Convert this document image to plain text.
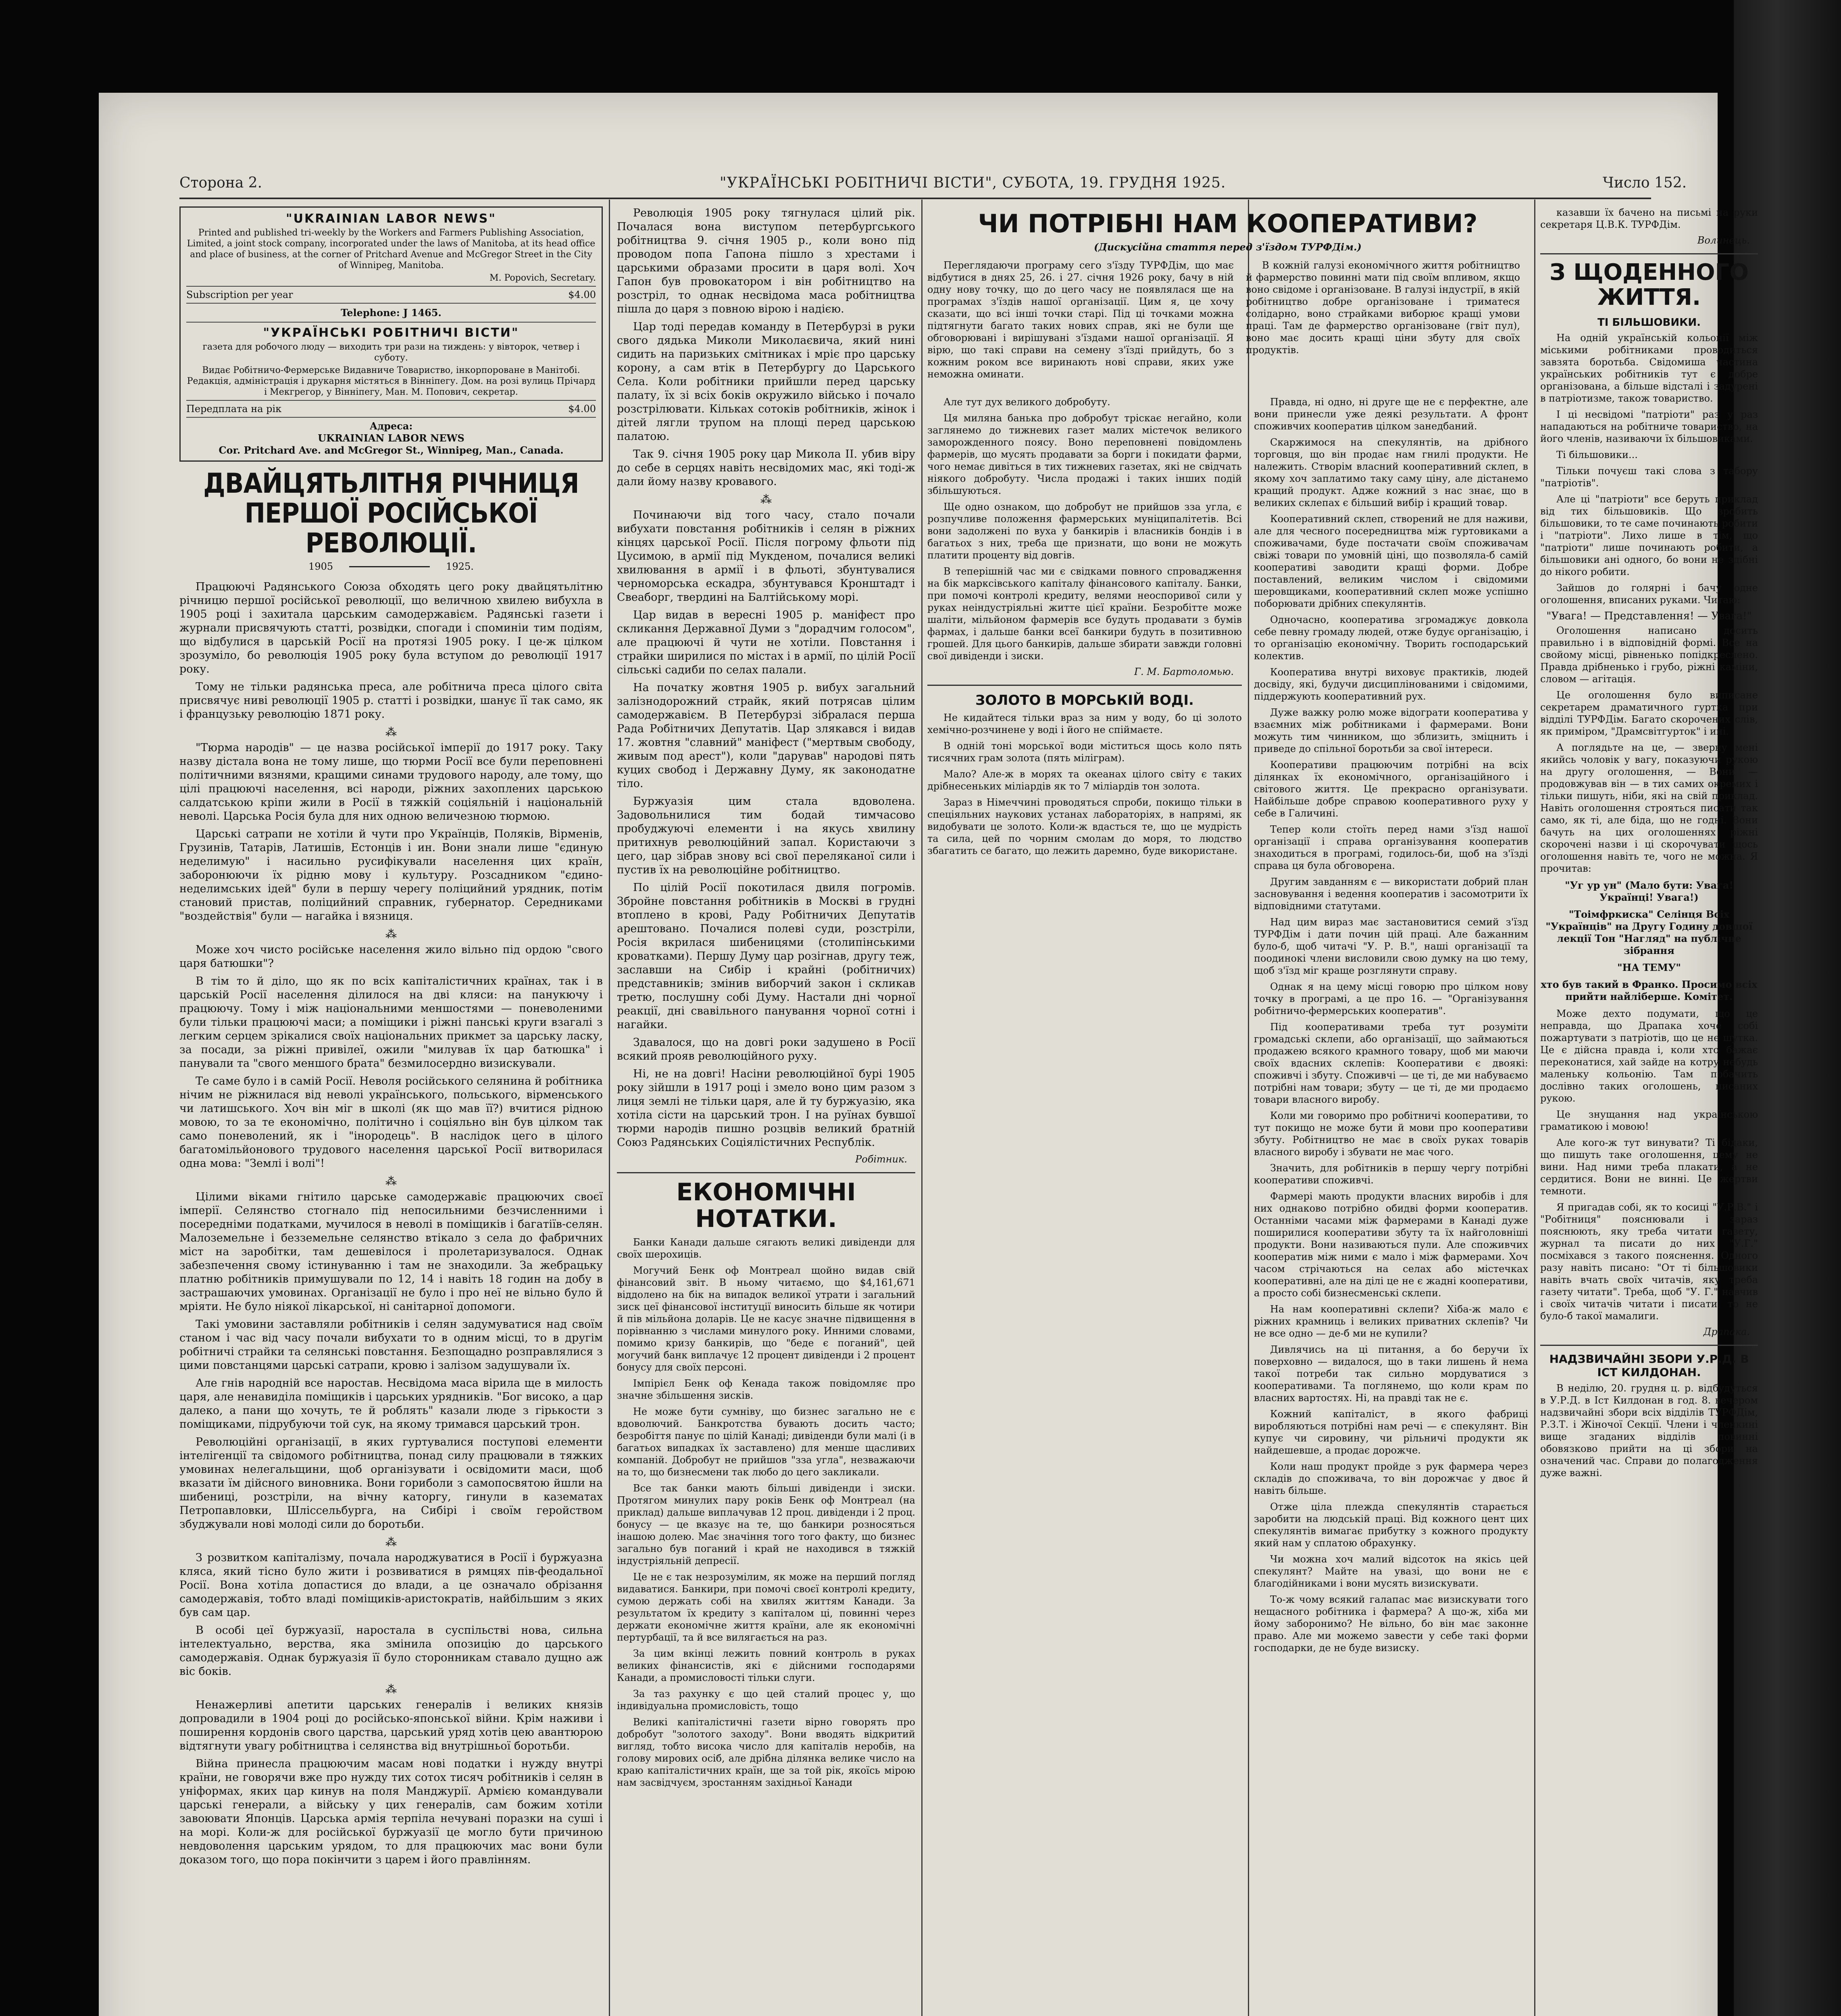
Сторона 2.	"УКРАЇНСЬКІ РОБІТНИЧІ ВІСТИ", СУБОТА, 19. ГРУДНЯ 1925.	Число 152.
"UKRAINIAN LABOR NEWS"
Printed and published tri-weekly by the Workers and Farmers Publishing Association, Limited, a joint stock company, incorporated under the laws of Manitoba, at its head office and place of business, at the corner of Pritchard Avenue and McGregor Street in the City of Winnipeg, Manitoba.
M. Popovich, Secretary.
Subscription per year	$4.00
Telephone: J 1465.
"УКРАЇНСЬКІ РОБІТНИЧІ ВІСТИ"
газета для робочого люду — виходить три рази на тиждень: у вівторок, четвер і суботу.
Видає Робітничо-Фермерське Видавниче Товариство, інкорпороване в Манітобі. Редакція, адміністрація і друкарня містяться в Вінніпегу. Дом. на розі вулиць Прічард і Мекгрегор, у Вінніпегу, Ман. М. Попович, секретар.
Передплата на рік	$4.00
Адреса:
UKRAINIAN LABOR NEWS
Cor. Pritchard Ave. and McGregor St., Winnipeg, Man., Canada.
ДВАЙЦЯТЬЛІТНЯ РІЧНИЦЯ ПЕРШОЇ РОСІЙСЬКОЇ РЕВОЛЮЦІЇ.
1905	1925.

Працюючі Радянського Союза обходять цего року двайцятьлітню річницю першої російської революції, що величною хвилею вибухла в 1905 році і захитала царським самодержавієм. Радянські газети і журнали присвячують статті, розвідки, спогади і споминіи тим подіям, що відбулися в царській Росії на протязі 1905 року. І це-ж цілком зрозуміло, бо революція 1905 року була вступом до революції 1917 року.

Тому не тільки радянська преса, але робітнича преса цілого світа присвячує ниві революції 1905 р. статті і розвідки, шанує її так само, як і французьку революцію 1871 року.

⁂

"Тюрма народів" — це назва російської імперії до 1917 року. Таку назву дістала вона не тому лише, що тюрми Росії все були переповнені політичними вязнями, кращими синами трудового народу, але тому, що цілі працюючі населення, всі народи, ріжних захоплених царською салдатською кріпи жили в Росії в тяжкій соціяльній і національній неволі. Царська Росія була для них одною величезною тюрмою.

Царські сатрапи не хотіли й чути про Українців, Поляків, Вірменів, Грузинів, Татарів, Латишів, Естонців і ин. Вони знали лише "єдиную неделимую" і насильно русифікували населення цих країн, заборонюючи їх рідню мову і культуру. Розсадником "єдино-неделимських ідей" були в першу черегу поліцийний урядник, потім становий пристав, поліцийний справник, губернатор. Середниками "воздействія" були — нагайка і вязниця.

⁂

Може хоч чисто російське населення жило вільно під ордою "свого царя батюшки"?

В тім то й діло, що як по всіх капіталістичних країнах, так і в царській Росії населення ділилося на дві кляси: на панукючу і працюючу. Тому і між національними меншостями — поневоленими були тільки працюючі маси; а поміщики і ріжні панські круги взагалі з легким серцем зрікалися своїх національних прикмет за царську ласку, за посади, за ріжні привілеї, ожили "милував їх цар батюшка" і панували та "свого меншого брата" безмилосердно визискували.

Те саме було і в самій Росії. Неволя російського селянина й робітника нічим не ріжнилася від неволі українського, польського, вірменського чи латишського. Хоч він міг в школі (як що мав її?) вчитися рідною мовою, то за те економічно, політично і соціяльно він був цілком так само поневолений, як і "інородець". В наслідок цего в цілого багатомільйонового трудового населення царської Росії витворилася одна мова: "Землі і волі"!

⁂

Цілими віками гнітило царське самодержавіє працюючих своєї імперії. Селянство стогнало під непосильними безчисленними і посередніми податками, мучилося в неволі в поміщиків і багатіїв-селян. Малоземельне і безземельне селянство втікало з села до фабричних міст на заробітки, там дешевілося і пролетаризувалося. Однак забезпечення свому істинуванню і там не знаходили. За жебрацьку платню робітників примушували по 12, 14 і навіть 18 годин на добу в застрашаючих умовинах. Організації не було і про неї не вільно було й мріяти. Не було ніякої лікарської, ні санітарної допомоги.

Такі умовини заставляли робітників і селян задумуватися над своїм станом і час від часу почали вибухати то в одним місці, то в другім робітничі страйки та селянські повстання. Безпощадно розправлялися з цими повстанцями царські сатрапи, кровю і залізом задушували їх.

Але гнів народній все наростав. Несвідома маса вірила ще в милость царя, але ненавиділа поміщиків і царських урядників. "Бог високо, а цар далеко, а пани що хочуть, те й роблять" казали люде з гірькости з поміщиками, підрубуючи той сук, на якому тримався царський трон.

Революційні організації, в яких гуртувалися поступові елементи інтелігенції та свідомого робітництва, понад силу працювали в тяжких умовинах нелегальщини, щоб організувати і освідомити маси, щоб вказати їм дійсного виновника. Вони гориболи з самопосвятою йшли на шибениці, розстріли, на вічну каторгу, гинули в казематах Петропавловки, Шліссельбурга, на Сибірі і своїм геройством збуджували нові молоді сили до боротьби.

⁂

З розвитком капіталізму, почала народжуватися в Росії і буржуазна кляса, який тісно було жити і розвиватися в рямцях пів-феодальної Росії. Вона хотіла допастися до влади, а це означало обрізання самодержавія, тобто владі поміщиків-аристократів, найбільшим з яких був сам цар.

В особі цеї буржуазії, наростала в суспільстві нова, сильна інтелектуально, верства, яка змінила опозицію до царського самодержавія. Однак буржуазія її було сторонникам ставало дущно аж віс боків.

⁂

Ненажерливі апетити царських генералів і великих князів допровадили в 1904 році до російсько-японської війни. Крім наживи і поширення кордонів свого царства, царський уряд хотів цею авантюрою відтягнути увагу робітництва і селянства від внутрішньої боротьби.

Війна принесла працюючим масам нові податки і нужду внутрі країни, не говорячи вже про нужду тих сотох тисяч робітників і селян в уніформах, яких цар кинув на поля Манджурії. Армією командували царські генерали, а війську у цих генералів, сам божим хотіли завоювати Японців. Царська армія терпіла нечувані поразки на суші і на морі. Коли-ж для російської буржуазії це могло бути причиною невдоволення царським урядом, то для працюючих мас вони були доказом того, що пора покінчити з царем і його правлінням.

Революція 1905 року тягнулася цілий рік. Почалася вона виступом петербургського робітництва 9. січня 1905 р., коли воно під проводом попа Гапона пішло з хрестами і царськими образами просити в царя волі. Хоч Гапон був провокатором і він робітництво на розстріл, то однак несвідома маса робітництва пішла до царя з повною вірою і надією.

Цар тоді передав команду в Петербурзі в руки свого дядька Миколи Миколаєвича, який нині сидить на паризьких смітниках і мріє про царську корону, а сам втік в Петербургу до Царського Села. Коли робітники прийшли перед царську палату, їх зі всіх боків окружило військо і почало розстрілювати. Кільках сотоків робітників, жінок і дітей лягли трупом на площі перед царською палатою.

Так 9. січня 1905 року цар Микола II. убив віру до себе в серцях навіть несвідомих мас, які тоді-ж дали йому назву кровавого.

⁂

Починаючи від того часу, стало почали вибухати повстання робітників і селян в ріжних кінцях царської Росії. Після погрому фльоти під Цусимою, в армії під Мукденом, почалися великі хвилювання в армії і в фльоті, збунтувалися черноморська ескадра, збунтувався Кронштадт і Свеаборг, твердині на Балтійському морі.

Цар видав в вересні 1905 р. маніфест про скликання Державної Думи з "дорадчим голосом", але працюючі й чути не хотіли. Повстання і страйки ширилися по містах і в армії, по цілій Росії сільські садиби по селах палали.

На початку жовтня 1905 р. вибух загальний залізнодорожний страйк, який потрясав цілим самодержавієм. В Петербурзі зібралася перша Рада Робітничих Депутатів. Цар злякався і видав 17. жовтня "славний" маніфест ("мертвым свободу, живым под арест"), коли "дарував" народові пять куцих свобод і Державну Думу, як законодатне тіло.

Буржуазія цим стала вдоволена. Задовольнилися тим бодай тимчасово пробуджуючі елементи і на якусь хвилину притихнув революційний запал. Користаючи з цего, цар зібрав знову всі свої переляканої сили і пустив їх на революційне робітництво.

По цілій Росії покотилася двиля погромів. Збройне повстання робітників в Москві в грудні втоплено в крові, Раду Робітничих Депутатів арештовано. Почалися полеві суди, розстріли, Росія вкрилася шибеницями (столипінськими кроватками). Першу Думу цар розігнав, другу теж, заславши на Сибір і крайні (робітничих) представників; змінив виборчий закон і скликав третю, послушну собі Думу. Настали дні чорної реакції, дні свавільного панування чорної сотні і нагайки.

Здавалося, що на довгі роки задушено в Росії всякий прояв революційного руху.

Ні, не на довгі! Насіни революційної бурі 1905 року зійшли в 1917 році і змело воно цим разом з лиця землі не тільки царя, але й ту буржуазію, яка хотіла сісти на царський трон. І на руїнах бувшої тюрми народів пишно розцвів великий братній Союз Радянських Соціялістичних Республік.

Робітник.
ЕКОНОМІЧНІ НОТАТКИ.

Банки Канади дальше сягають великі дивіденди для своїх шерохиців.

Могучий Бенк оф Монтреал щойно видав свій фінансовий звіт. В ньому читаємо, що $4,161,671 віддолено на бік на випадок великої утрати і загальний зиск цеї фінансової інституції виносить більше як чотири й пів мільйона доларів. Це не касує значне підвищення в порівнанню з числами минулого року. Инними словами, помимо кризу банкирів, що "беде є поганий", цей могучий банк виплачує 12 процент дивіденди і 2 процент бонусу для своїх персоні.

Імпірієл Бенк оф Кенада також повідомляє про значне збільшення зисків.

Не може бути сумніву, що бизнес загально не є вдоволючий. Банкротства бувають досить часто; безробіття панує по цілій Канаді; дивіденди були малі (і в багатьох випадках їх заставлено) для менше щасливих компаній. Добробут не прийшов "зза угла", незважаючи на то, що бизнесмени так любо до цего закликали.

Все так банки мають більші дивіденди і зиски. Протягом минулих пару років Бенк оф Монтреал (на приклад) дальше виплачував 12 проц. дивіденди і 2 проц. бонусу — це вказує на те, що банкири розносяться інашою долею. Має значіння того того факту, що бизнес загально був поганий і край не находився в тяжкій індустріяльній депресії.

Це не є так незрозумілим, як може на перший погляд видаватися. Банкири, при помочі своєї контролі кредиту, сумою держать собі на хвилях життям Канади. За результатом їх кредиту з капіталом ці, повинні через держати економічне життя країни, але як економічні пертурбації, та й все вилягається на раз.

За цим вкінці лежить повний контроль в руках великих фінансистів, які є дійсними господарями Канади, а промисловості тільки слуги.

За таз рахунку є що цей сталий процес у, що індивідуальна промисловість, тощо

Великі капіталістичні газети вірно говорять про добробут "золотого заходу". Вони вводять відкритий вигляд, тобто висока число для капіталів неробів, на голову мирових осіб, але дрібна ділянка велике число на краю капіталістичних країн, ще за той рік, якоїсь мірою нам засвідчуєм, зростанням західньої Канади

Але тут дух великого добробуту.

Ця миляна банька про добробут тріскає негайно, коли заглянемо до тижневих газет малих містечок великого заморожденного поясу. Воно переповнені повідомлень фармерів, що мусять продавати за борги і покидати фарми, чого немає дивіться в тих тижневих газетах, які не свідчать ніякого добробуту. Числа продажі і таких інших подій збільшуються.

Ще одно ознаком, що добробут не прийшов зза угла, є розпучливе положення фармерських муніципалітетів. Всі вони задолжені по вуха у банкирів і власників бондів і в багатьох з них, треба ще признати, що вони не можуть платити проценту від довгів.

В теперішній час ми є свідками повного спровадження на бік марксівського капіталу фінансового капіталу. Банки, при помочі контролі кредиту, велями неоспоривої сили у руках неіндустріяльні житте цієї країни. Безробітте може шаліти, мільйоном фармерів все будуть продавати з бумів фармах, і дальше банки всеї банкири будуть в позитивною грошей. Для цього банкирів, дальше збирати завжди головні свої дивіденди і зиски.

Г. М. Бартоломью.
ЗОЛОТО В МОРСЬКІЙ ВОДІ.

Не кидайтеся тільки враз за ним у воду, бо ці золото хемічно-розчинене у воді і його не спіймаєте.

В одній тоні морської води міститься щось коло пять тисячних грам золота (пять міліграм).

Мало? Але-ж в морях та океанах цілого світу є таких дрібнесеньких міліардів як то 7 міліардів тон золота.

Зараз в Німеччині проводяться спроби, покищо тільки в спеціяльних наукових устанах лабораторіях, в напрямі, як видобувати це золото. Коли-ж вдасться те, що це мудрість та сила, цей по чорним смолам до моря, то людство збагатить се багато, що лежить даремно, буде використане.

ЧИ ПОТРІБНІ НАМ КООПЕРАТИВИ?
(Дискусійна стаття перед з'їздом ТУРФДім.)

Переглядаючи програму сего з'їзду ТУРФДім, що має відбутися в днях 25, 26. і 27. січня 1926 року, бачу в ній одну нову точку, що до цего часу не появлялася ще на програмах з'їздів нашої організації. Цим я, це хочу сказати, що всі інші точки старі. Під ці точками можна підтягнути багато таких нових справ, які не були ще обговорювані і вирішувані з'їздами нашої організації. Я вірю, що такі справи на семену з'їзді прийдуть, бо з кожним роком все виринають нові справи, яких уже неможна оминати.

В кожній галузі економічного життя робітництво й фармерство повинні мати під своїм впливом, якщо воно свідоме і організоване. В галузі індустрії, в якій робітництво добре організоване і триматеся солідарно, воно страйками виборює кращі умови праці. Там де фармерство організоване (гвіт пул), воно має досить кращі ціни збуту для своїх продуктів.

Правда, ні одно, ні друге ще не є перфектне, але вони принесли уже деякі результати. А фронт споживчих кооператив цілком занедбаний.

Скаржимося на спекулянтів, на дрібного торговця, що він продає нам гнилі продукти. Не належить. Створім власний кооперативний склеп, в якому хоч заплатимо таку саму ціну, але дістанемо кращий продукт. Адже кожний з нас знає, що в великих склепах є більший вибір і кращий товар.

Кооперативний склеп, створений не для наживи, але для чесного посередництва між гуртовиками а споживачами, буде постачати своїм споживачам свіжі товари по умовній ціні, що позволяла-б самій кооперативі заводити кращі форми. Добре поставлений, великим числом і свідомими шеровщиками, кооперативний склеп може успішно поборювати дрібних спекулянтів.

Одночасно, кооператива згромаджує довкола себе певну громаду людей, отже будує організацію, і то організацію економічну. Творить господарський колектив.

Кооператива внутрі виховує практиків, людей досвіду, які, будучи дисциплінованими і свідомими, піддержують кооперативний рух.

Дуже важку ролю може відограти кооператива у взаємних між робітниками і фармерами. Вони можуть тим чинником, що зблизить, зміцнить і приведе до спільної боротьби за свої інтереси.

Кооперативи працюючим потрібні на всіх ділянках їх економічного, організаційного і світового життя. Це прекрасно організувати. Найбільше добре справою кооперативного руху у себе в Галичині.

Тепер коли стоїть перед нами з'їзд нашої організації і справа організування кооператив знаходиться в програмі, годилось-би, щоб на з'їзді справа ця була обговорена.

Другим завданням є — використати добрий план засновування і ведення кооператив і засомотрити їх відповідними статутами.

Над цим вираз має застановитися семий з'їзд ТУРФДім і дати почин цій праці. Але бажанним було-б, щоб читачі "У. Р. В.", наші організації та поодинокі члени висловили свою думку на цю тему, щоб з'їзд міг краще розглянути справу.

Однак я на цему місці говорю про цілком нову точку в програмі, а це про 16. — "Організування робітничо-фермерських кооператив".

Під кооперативами треба тут розуміти громадські склепи, або організації, що займаються продажею всякого крамного товару, щоб ми маючи своїх вдасних склепів: Кооперативи є двоякі: споживчі і збуту. Споживчі — це ті, де ми набуваємо потрібні нам товари; збуту — це ті, де ми продаємо товари власного виробу.

Коли ми говоримо про робітничі кооперативи, то тут покищо не може бути й мови про кооперативи збуту. Робітництво не має в своїх руках товарів власного виробу і збувати не має чого.

Значить, для робітників в першу чергу потрібні кооперативи споживчі.

Фармері мають продукти власних виробів і для них однаково потрібно обидві форми кооператив. Останніми часами між фармерами в Канаді дуже поширилися кооперативи збуту та їх найголовніші продукти. Вони називаються пули. Але споживчих кооператив між ними є мало і між фармерами. Хоч часом стрічаються на селах або містечках кооперативні, але на ділі це не є жадні кооперативи, а просто собі бизнесменські склепи.

На нам кооперативні склепи? Хіба-ж мало є ріжних крамниць і великих приватних склепів? Чи не все одно — де-б ми не купили?

Дивлячись на ці питання, а бо беручи їх поверховно — видалося, що в таки лишень й нема такої потреби так сильно мордуватися з кооперативами. Та поглянемо, що коли крам по власних вартостях. Ні, на правді так не є.

Кожний капіталіст, в якого фабриці виробляються потрібні нам речі — є спекулянт. Він купує чи сировину, чи рільничі продукти як найдешевше, а продає дорожче.

Коли наш продукт пройде з рук фармера через складів до споживача, то він дорожчає у двоє й навіть більше.

Отже ціла плежда спекулянтів старається заробити на людській праці. Від кожного цент цих спекулянтів вимагає прибутку з кожного продукту який нам у сплатою обрахунку.

Чи можна хоч малий відсоток на якісь цей спекулянт? Майте на увазі, що вони не є благодійниками і вони мусять визискувати.

То-ж чому всякий галапас має визискувати того нещасного робітника і фармера? А що-ж, хіба ми йому заборонимо? Не вільно, бо він має законне право. Але ми можемо завести у себе такі форми господарки, де не буде визиску.

казавши їх бачено на письмі на руки секретаря Ц.В.К. ТУРФДім.

Волинець.
З ЩОДЕННОГО ЖИТТЯ.
ТІ БІЛЬШОВИКИ.

На одній українській кольонії між міськими робітниками проводиться завзята боротьба. Свідомиша частина українських робітників тут є добре організована, а більше відсталі і задурені в патріотизме, також товариство.

І ці несвідомі "патріоти" раз у раз нападаються на робітниче товариство, на його членів, називаючи їх більшовиками.

Ті більшовики...

Тільки почуєш такі слова з табору "патріотів".

Але ці "патріоти" все беруть приклад від тих більшовиків. Що зробить більшовики, то те саме починають робити і "патріоти". Лихо лише в тім, що "патріоти" лише починають робити, а більшовики ані одного, бо вони не здібні до нікого робити.

Зайшов до голярні і бачу одне оголошення, вписаних руками. Читаю:

"Увага! — Представлення! — Увага!"

Оголошення написано досить правильно і в відповідній формі. Все на свойому місці, рівненько попідкреслено. Правда дрібненько і грубо, ріжні каміни, словом — агітація.

Це оголошення було виписане секретарем драматичного гуртка при відділі ТУРФДім. Багато скорочених слів, як приміром, "Драмсвітгурток" і ині.

А поглядьте на це, — зверну мені якийсь чоловік у вагу, показуючи рукою на другу оголошення, — Вони — продовжував він — в тих самих окремих і тільки пишуть, ніби, які на свій приклад. Навіть оголошення строяться писати так само, як ті, але біда, що не годні. Вони бачуть на цих оголошеннях ріжні скорочені назви і ці скорочувати щось оголошення навіть те, чого не можна. Я прочитав:

"Уг ур ун" (Мало бути: Увага! Українці! Увага!)
"Тоімфркиска" Селінця Всіх "Українців" на Другу Годину довшої лекції Тон "Нагляд" на публічне зібрання
"НА ТЕМУ"
хто був такий в Франко. Просимо всіх прийти найліберше. Комітет.

Може дехто подумати, що це неправда, що Драпака хоче собі пожартувати з патріотів, що це не шутка. Це є дійсна правда і, коли хто бажає переконатися, хай зайде на котру небудь маленьку кольонію. Там побачить дослівно таких оголошень, писаних рукою.

Це знущання над українською граматикою і мовою!

Але кого-ж тут винувати? Ті бідаки, що пишуть таке оголошення, цему не вини. Над ними треба плакати, а не сердитися. Вони не винні. Це жертви темноти.

Я пригадав собі, як то косиці "У.Р.В." і "Робітниця" пояснювали і зараз пояснюють, яку треба читати газету, журнал та писати до них "У.Г." посміхався з такого пояснення. Одного разу навіть писано: "От ті більшовики навіть вчать своїх читачів, яку треба газету читати". Треба, щоб "У. Г." навчив і своїх читачів читати і писати, то не було-б такої мамалиги.

Драпака.
НАДЗВИЧАЙНІ ЗБОРИ У.Р.Д. В ІСТ КИЛДОНАН.

В неділю, 20. грудня ц. р. відбудуться в У.Р.Д. в Іст Килдонан в год. 8. вечером надзвичайні збори всіх відділів ТУРФДім, Р.З.Т. і Жіночої Секції. Члени і членкині вище згаданих відділів повинні обовязково прийти на ці збори на означений час. Справи до полагодження дуже важні.
